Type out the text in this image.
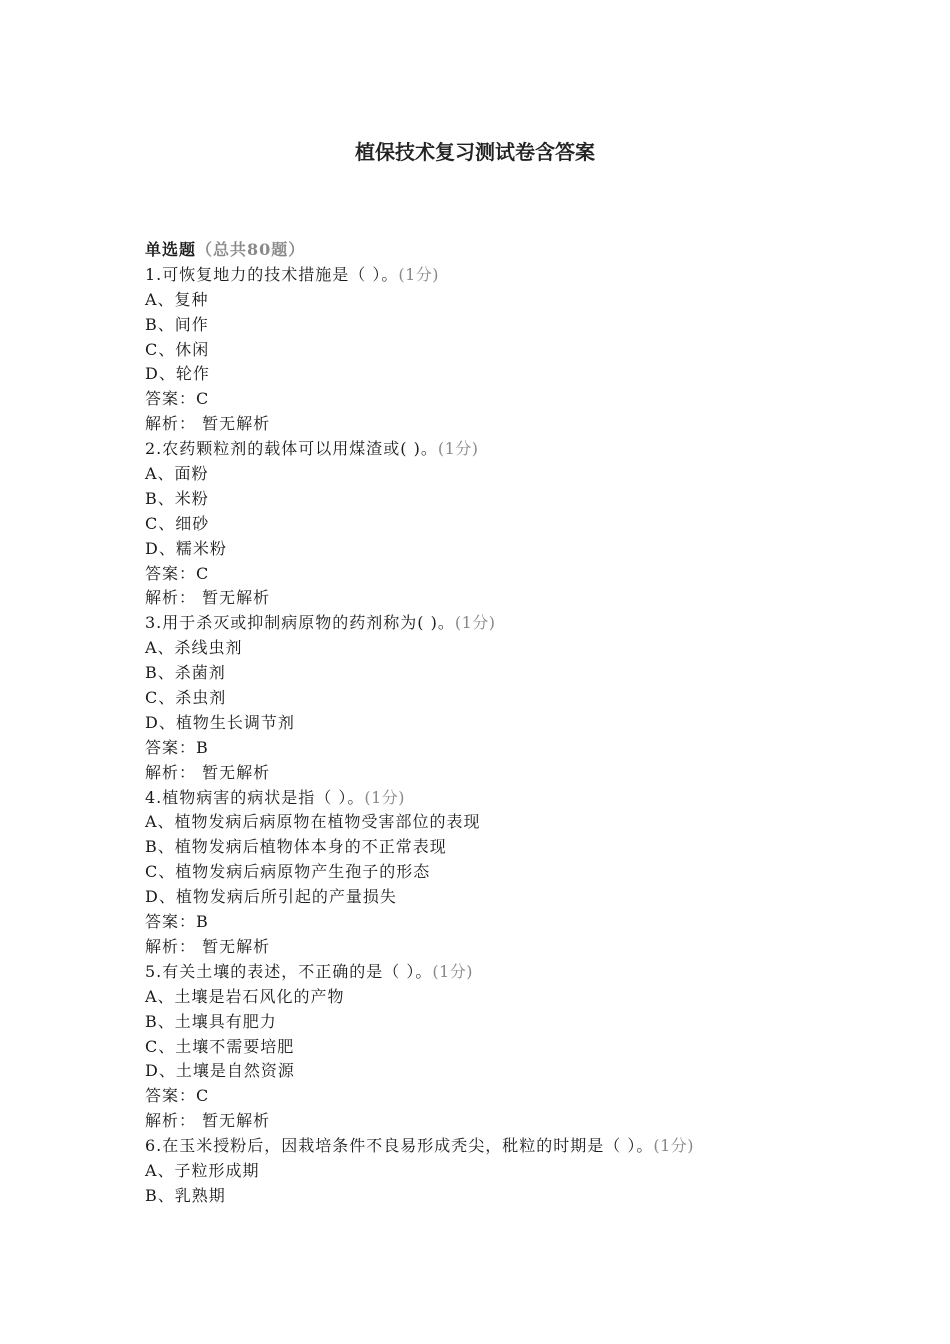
植保技术复习测试卷含答案
单选题（总共80题）
1.可恢复地力的技术措施是（ ）。(1分)
A、复种
B、间作
C、休闲
D、轮作
答案：C
解析： 暂无解析
2.农药颗粒剂的载体可以用煤渣或( )。(1分)
A、面粉
B、米粉
C、细砂
D、糯米粉
答案：C
解析： 暂无解析
3.用于杀灭或抑制病原物的药剂称为( )。(1分)
A、杀线虫剂
B、杀菌剂
C、杀虫剂
D、植物生长调节剂
答案：B
解析： 暂无解析
4.植物病害的病状是指（ ）。(1分)
A、植物发病后病原物在植物受害部位的表现
B、植物发病后植物体本身的不正常表现
C、植物发病后病原物产生孢子的形态
D、植物发病后所引起的产量损失
答案：B
解析： 暂无解析
5.有关土壤的表述，不正确的是（ ）。(1分)
A、土壤是岩石风化的产物
B、土壤具有肥力
C、土壤不需要培肥
D、土壤是自然资源
答案：C
解析： 暂无解析
6.在玉米授粉后，因栽培条件不良易形成秃尖，秕粒的时期是（ ）。(1分)
A、子粒形成期
B、乳熟期
